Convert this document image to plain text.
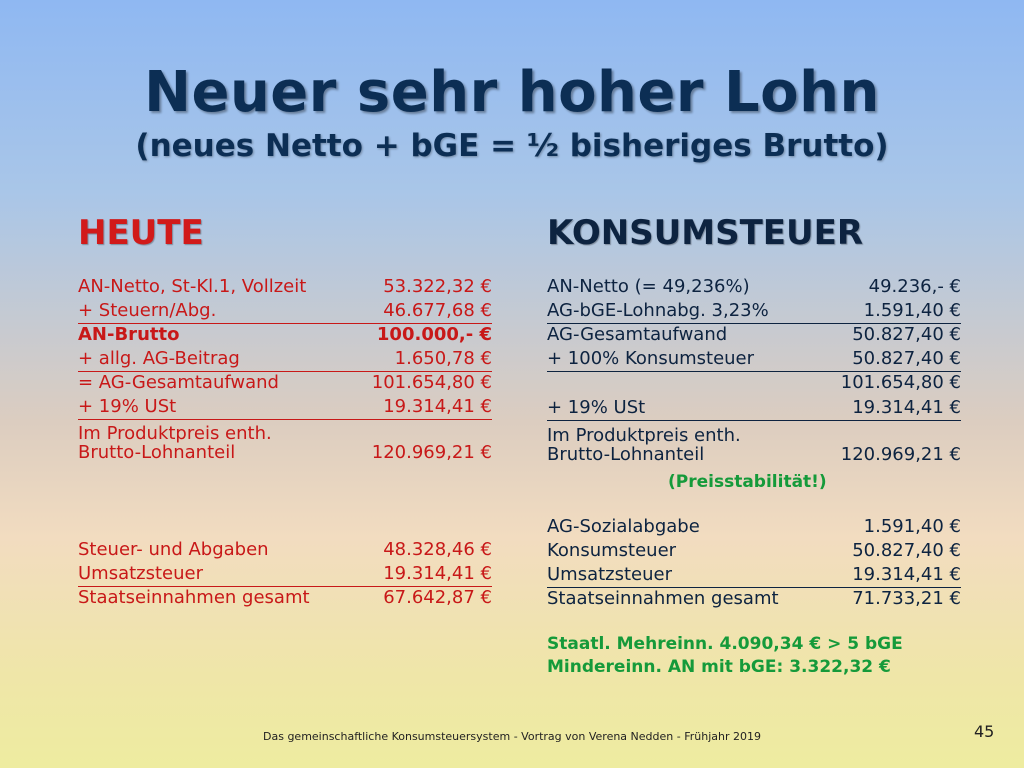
Neuer sehr hoher Lohn
(neues Netto + bGE = ½ bisheriges Brutto)
HEUTE
AN-Netto, St-Kl.1, Vollzeit	53.322,32 €
+ Steuern/Abg.	46.677,68 €
AN-Brutto	100.000,- €
+ allg. AG-Beitrag	1.650,78 €
= AG-Gesamtaufwand	101.654,80 €
+ 19% USt	19.314,41 €
Im Produktpreis enth.
Brutto-Lohnanteil	120.969,21 €
Steuer- und Abgaben	48.328,46 €
Umsatzsteuer	19.314,41 €
Staatseinnahmen gesamt	67.642,87 €
KONSUMSTEUER
AN-Netto (= 49,236%)	49.236,- €
AG-bGE-Lohnabg. 3,23%	1.591,40 €
AG-Gesamtaufwand	50.827,40 €
+ 100% Konsumsteuer	50.827,40 €
101.654,80 €
+ 19% USt	19.314,41 €
Im Produktpreis enth.
Brutto-Lohnanteil	120.969,21 €
(Preisstabilität!)
AG-Sozialabgabe	1.591,40 €
Konsumsteuer	50.827,40 €
Umsatzsteuer	19.314,41 €
Staatseinnahmen gesamt	71.733,21 €
Staatl. Mehreinn. 4.090,34 € > 5 bGE
Mindereinn. AN mit bGE: 3.322,32 €
Das gemeinschaftliche Konsumsteuersystem - Vortrag von Verena Nedden - Frühjahr 2019	45
